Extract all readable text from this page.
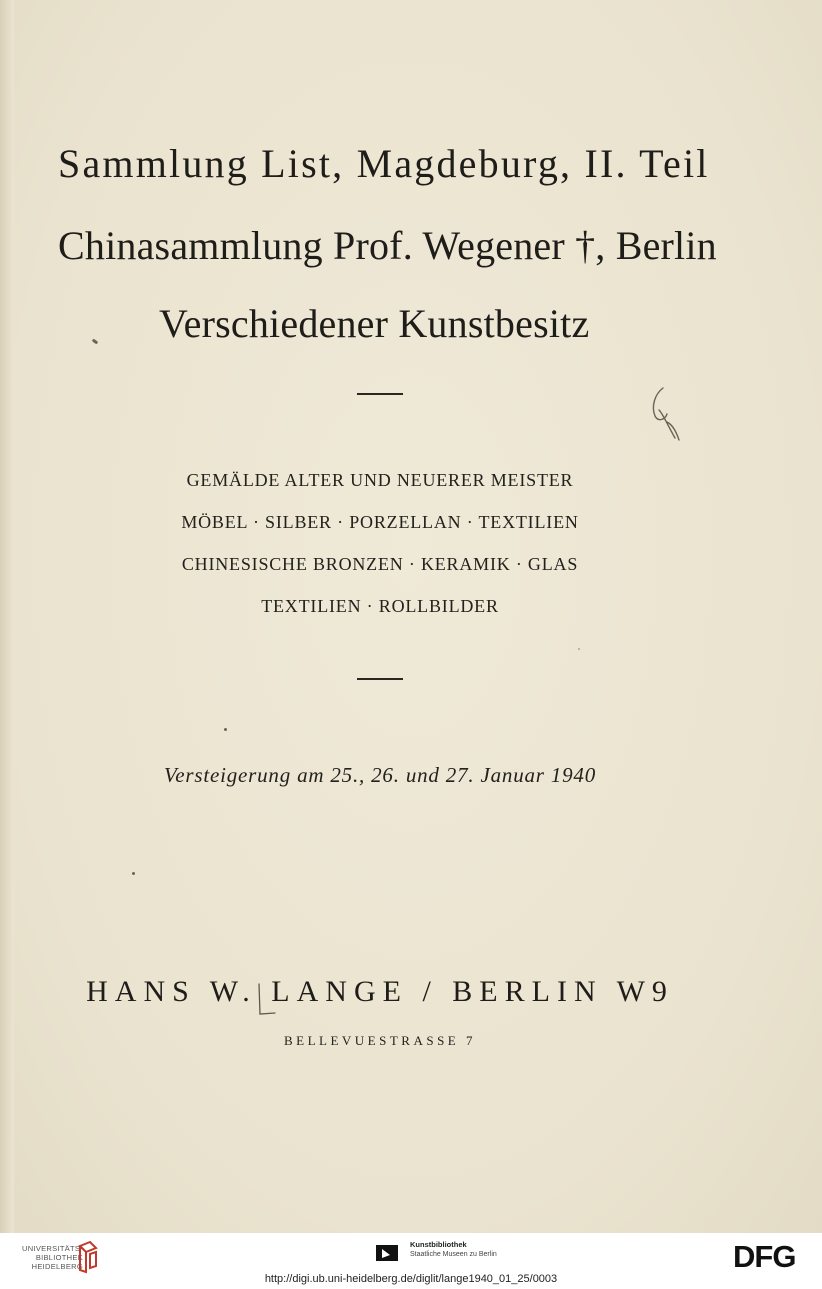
Sammlung List, Magdeburg, II. Teil
Chinasammlung Prof. Wegener †, Berlin
Verschiedener Kunstbesitz
GEMÄLDE ALTER UND NEUERER MEISTER
MÖBEL · SILBER · PORZELLAN · TEXTILIEN
CHINESISCHE BRONZEN · KERAMIK · GLAS
TEXTILIEN · ROLLBILDER
Versteigerung am 25., 26. und 27. Januar 1940
HANS W. LANGE / BERLIN W9
BELLEVUESTRASSE 7
UNIVERSITÄTS-
BIBLIOTHEK
HEIDELBERG
Kunstbibliothek
Staatliche Museen zu Berlin	DFG
http://digi.ub.uni-heidelberg.de/diglit/lange1940_01_25/0003
